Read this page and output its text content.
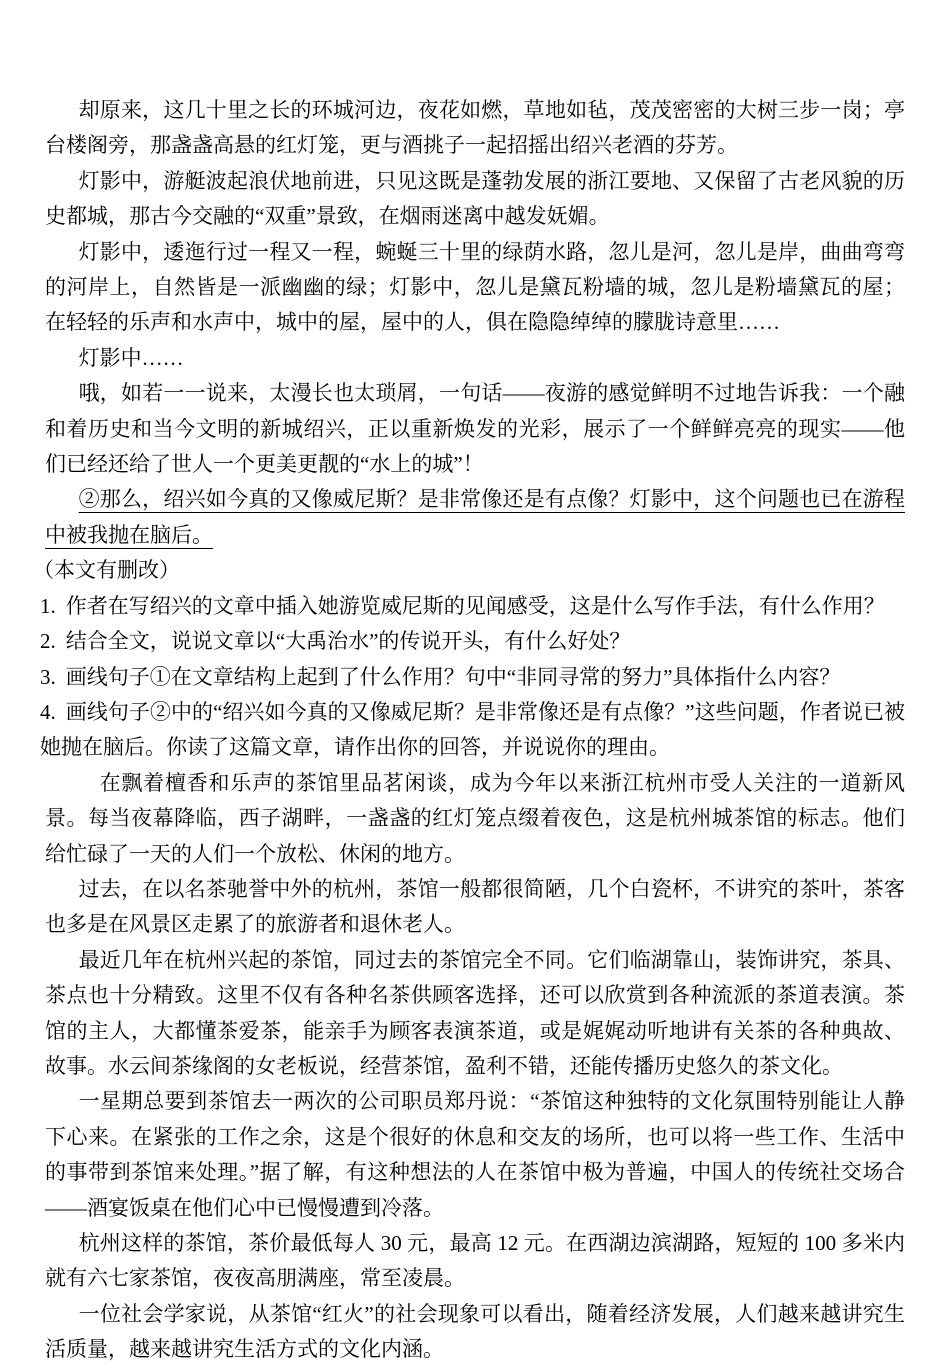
却原来，这几十里之长的环城河边，夜花如燃，草地如毡，茂茂密密的大树三步一岗；亭台楼阁旁，那盏盏高悬的红灯笼，更与酒挑子一起招摇出绍兴老酒的芬芳。

灯影中，游艇波起浪伏地前进，只见这既是蓬勃发展的浙江要地、又保留了古老风貌的历史都城，那古今交融的“双重”景致，在烟雨迷离中越发妩媚。

灯影中，逶迤行过一程又一程，蜿蜒三十里的绿荫水路，忽儿是河，忽儿是岸，曲曲弯弯的河岸上，自然皆是一派幽幽的绿；灯影中，忽儿是黛瓦粉墙的城，忽儿是粉墙黛瓦的屋；在轻轻的乐声和水声中，城中的屋，屋中的人，俱在隐隐绰绰的朦胧诗意里……

灯影中……

哦，如若一一说来，太漫长也太琐屑，一句话——夜游的感觉鲜明不过地告诉我：一个融和着历史和当今文明的新城绍兴，正以重新焕发的光彩，展示了一个鲜鲜亮亮的现实——他们已经还给了世人一个更美更靓的“水上的城”！

②那么，绍兴如今真的又像威尼斯？是非常像还是有点像？灯影中，这个问题也已在游程中被我抛在脑后。

（本文有删改）

1. 作者在写绍兴的文章中插入她游览威尼斯的见闻感受，这是什么写作手法，有什么作用？

2. 结合全文，说说文章以“大禹治水”的传说开头，有什么好处？

3. 画线句子①在文章结构上起到了什么作用？句中“非同寻常的努力”具体指什么内容？

4. 画线句子②中的“绍兴如今真的又像威尼斯？是非常像还是有点像？”这些问题，作者说已被她抛在脑后。你读了这篇文章，请作出你的回答，并说说你的理由。

在飘着檀香和乐声的茶馆里品茗闲谈，成为今年以来浙江杭州市受人关注的一道新风景。每当夜幕降临，西子湖畔，一盏盏的红灯笼点缀着夜色，这是杭州城茶馆的标志。他们给忙碌了一天的人们一个放松、休闲的地方。

过去，在以名茶驰誉中外的杭州，茶馆一般都很简陋，几个白瓷杯，不讲究的茶叶，茶客也多是在风景区走累了的旅游者和退休老人。

最近几年在杭州兴起的茶馆，同过去的茶馆完全不同。它们临湖靠山，装饰讲究，茶具、茶点也十分精致。这里不仅有各种名茶供顾客选择，还可以欣赏到各种流派的茶道表演。茶馆的主人，大都懂茶爱茶，能亲手为顾客表演茶道，或是娓娓动听地讲有关茶的各种典故、故事。水云间茶缘阁的女老板说，经营茶馆，盈利不错，还能传播历史悠久的茶文化。

一星期总要到茶馆去一两次的公司职员郑丹说：“茶馆这种独特的文化氛围特别能让人静下心来。在紧张的工作之余，这是个很好的休息和交友的场所，也可以将一些工作、生活中的事带到茶馆来处理。”据了解，有这种想法的人在茶馆中极为普遍，中国人的传统社交场合——酒宴饭桌在他们心中已慢慢遭到冷落。

杭州这样的茶馆，茶价最低每人 30 元，最高 12 元。在西湖边滨湖路，短短的 100 多米内就有六七家茶馆，夜夜高朋满座，常至凌晨。

一位社会学家说，从茶馆“红火”的社会现象可以看出，随着经济发展，人们越来越讲究生活质量，越来越讲究生活方式的文化内涵。
